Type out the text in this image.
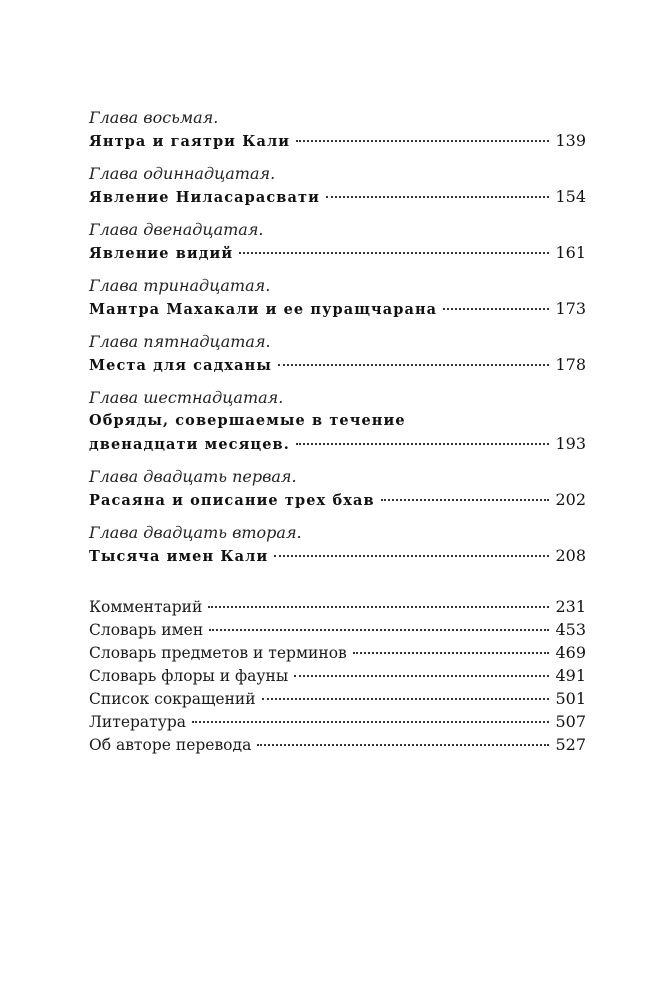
Глава восьмая.
Янтра и гаятри Кали	139
Глава одиннадцатая.
Явление Ниласарасвати	154
Глава двенадцатая.
Явление видий	161
Глава тринадцатая.
Мантра Махакали и ее пуращчарана	173
Глава пятнадцатая.
Места для садханы	178
Глава шестнадцатая.
Обряды, совершаемые в течение
двенадцати месяцев.	193
Глава двадцать первая.
Расаяна и описание трех бхав	202
Глава двадцать вторая.
Тысяча имен Кали	208
Комментарий	231
Словарь имен	453
Словарь предметов и терминов	469
Словарь флоры и фауны	491
Список сокращений	501
Литература	507
Об авторе перевода	527
